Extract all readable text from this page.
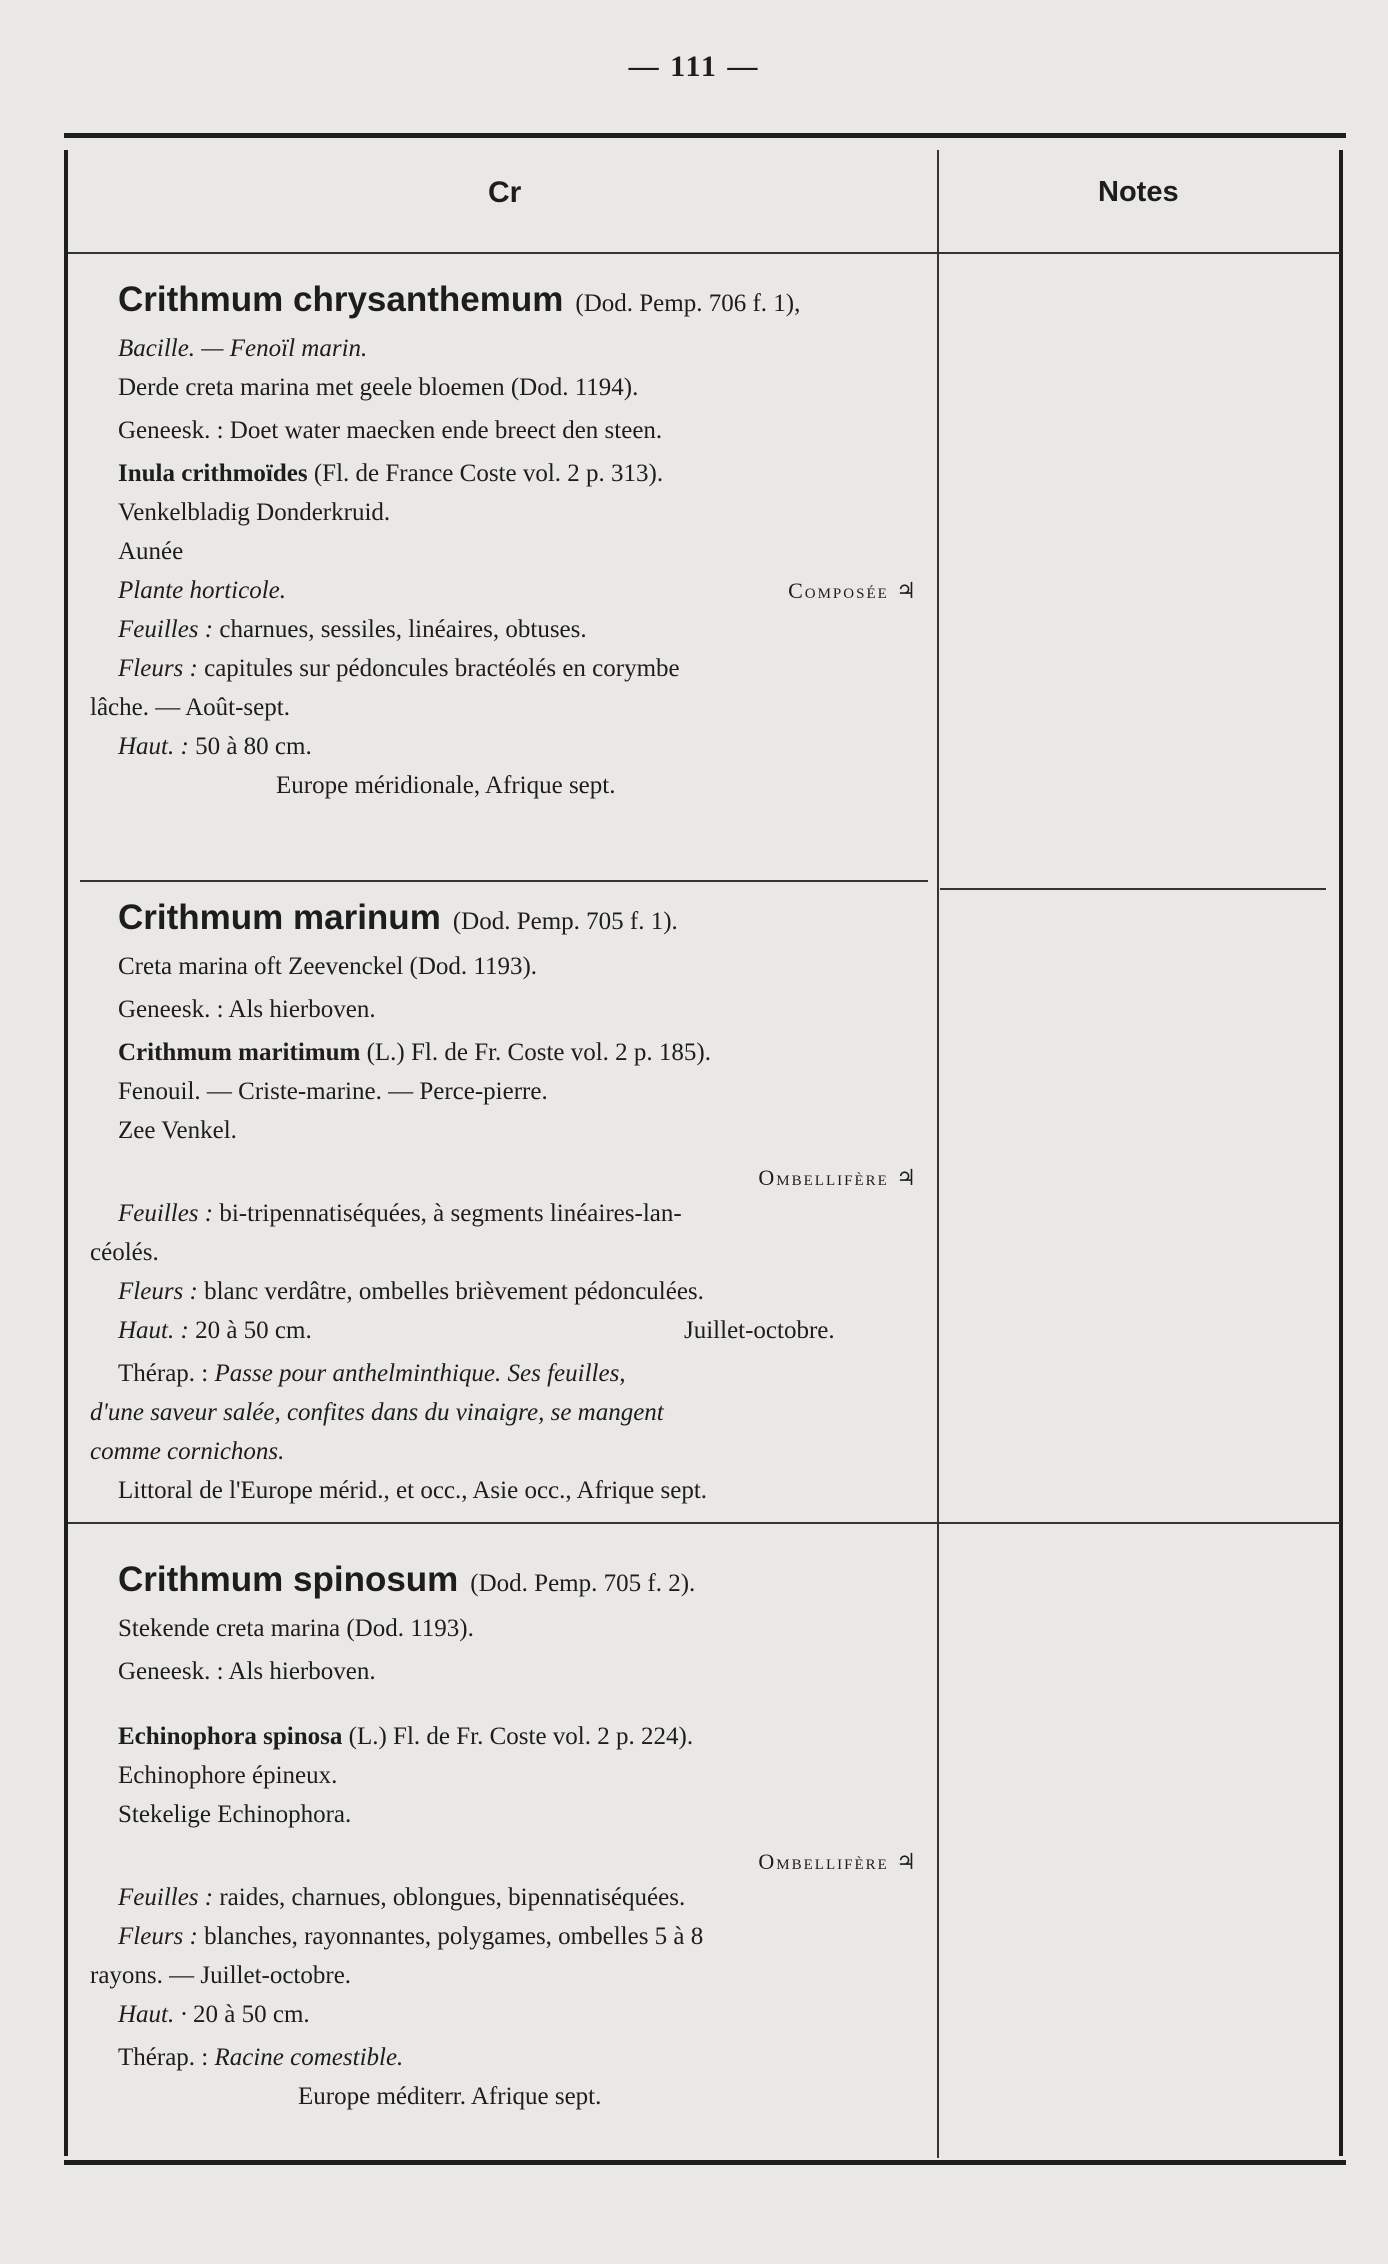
— 111 —
Cr	Notes
Crithmum chrysanthemum (Dod. Pemp. 706 f. 1),
Bacille. — Fenoïl marin.
Derde creta marina met geele bloemen (Dod. 1194).
Geneesk. : Doet water maecken ende breect den steen.
Inula crithmoïdes (Fl. de France Coste vol. 2 p. 313).
Venkelbladig Donderkruid.
Aunée
Plante horticole.	Composée ♃
Feuilles : charnues, sessiles, linéaires, obtuses.
Fleurs : capitules sur pédoncules bractéolés en corymbe
lâche. — Août-sept.
Haut. : 50 à 80 cm.
Europe méridionale, Afrique sept.
Crithmum marinum (Dod. Pemp. 705 f. 1).
Creta marina oft Zeevenckel (Dod. 1193).
Geneesk. : Als hierboven.
Crithmum maritimum (L.) Fl. de Fr. Coste vol. 2 p. 185).
Fenouil. — Criste-marine. — Perce-pierre.
Zee Venkel.
Ombellifère ♃
Feuilles : bi-tripennatiséquées, à segments linéaires-lan-
céolés.
Fleurs : blanc verdâtre, ombelles brièvement pédonculées.
Haut. : 20 à 50 cm.	Juillet-octobre.
Thérap. : Passe pour anthelminthique. Ses feuilles,
d'une saveur salée, confites dans du vinaigre, se mangent
comme cornichons.
Littoral de l'Europe mérid., et occ., Asie occ., Afrique sept.
Crithmum spinosum (Dod. Pemp. 705 f. 2).
Stekende creta marina (Dod. 1193).
Geneesk. : Als hierboven.
Echinophora spinosa (L.) Fl. de Fr. Coste vol. 2 p. 224).
Echinophore épineux.
Stekelige Echinophora.
Ombellifère ♃
Feuilles : raides, charnues, oblongues, bipennatiséquées.
Fleurs : blanches, rayonnantes, polygames, ombelles 5 à 8
rayons. — Juillet-octobre.
Haut. · 20 à 50 cm.
Thérap. : Racine comestible.
Europe méditerr. Afrique sept.
